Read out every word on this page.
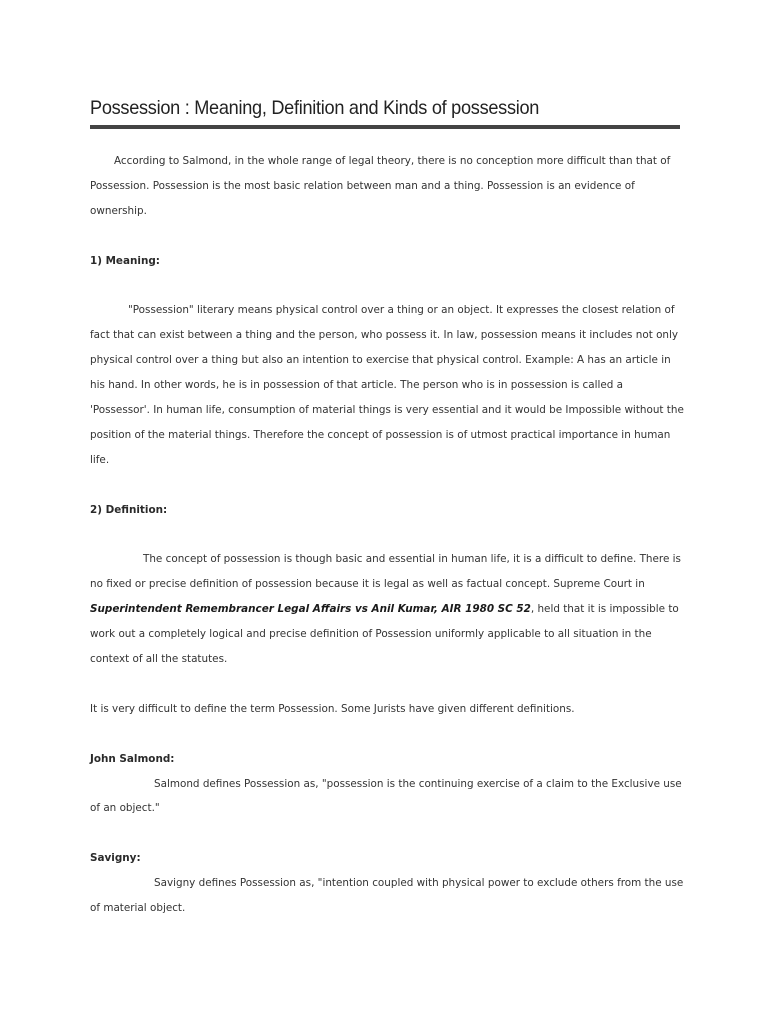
Possession : Meaning, Definition and Kinds of possession

According to Salmond, in the whole range of legal theory, there is no conception more difficult than that of Possession. Possession is the most basic relation between man and a thing. Possession is an evidence of ownership.

1) Meaning:

"Possession" literary means physical control over a thing or an object. It expresses the closest relation of fact that can exist between a thing and the person, who possess it. In law, possession means it includes not only physical control over a thing but also an intention to exercise that physical control. Example: A has an article in his hand. In other words, he is in possession of that article. The person who is in possession is called a 'Possessor'. In human life, consumption of material things is very essential and it would be Impossible without the position of the material things. Therefore the concept of possession is of utmost practical importance in human life.

2) Definition:

The concept of possession is though basic and essential in human life, it is a difficult to define. There is no fixed or precise definition of possession because it is legal as well as factual concept. Supreme Court in Superintendent Remembrancer Legal Affairs vs Anil Kumar, AIR 1980 SC 52, held that it is impossible to work out a completely logical and precise definition of Possession uniformly applicable to all situation in the context of all the statutes.

It is very difficult to define the term Possession. Some Jurists have given different definitions.

John Salmond:

Salmond defines Possession as, "possession is the continuing exercise of a claim to the Exclusive use of an object."

Savigny:

Savigny defines Possession as, "intention coupled with physical power to exclude others from the use of material object.
